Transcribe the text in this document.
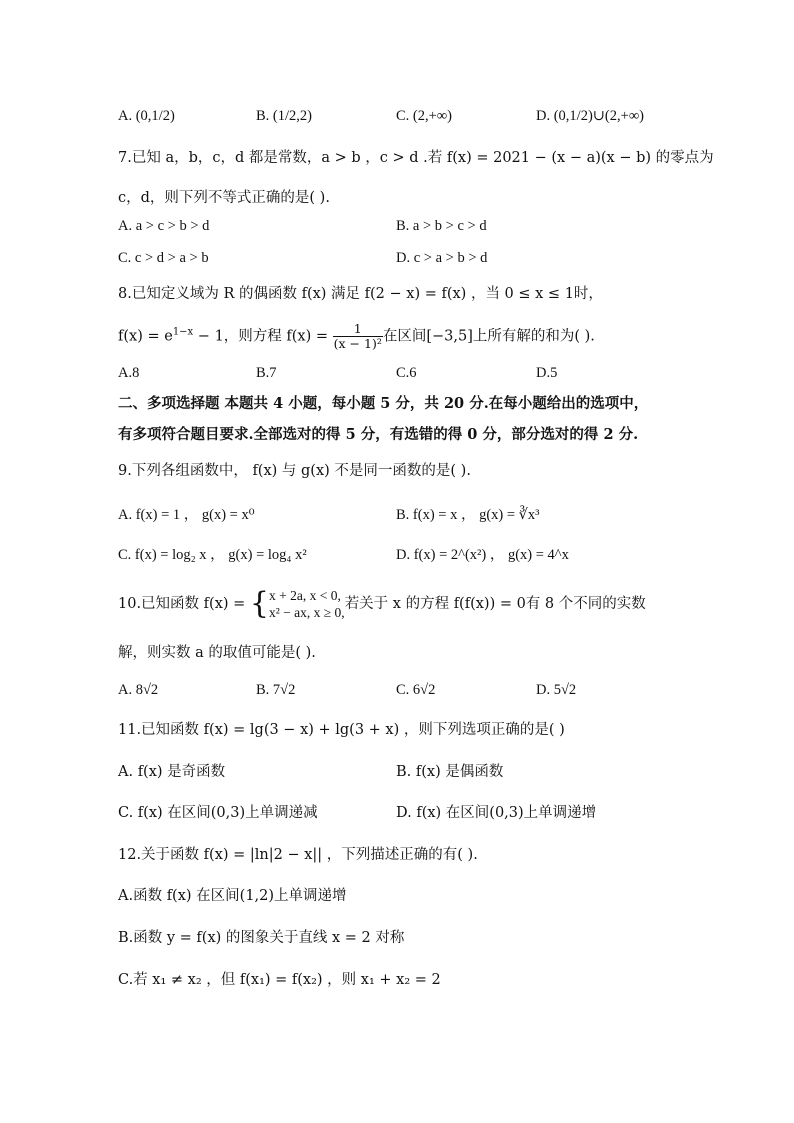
A. (0,1/2)	B. (1/2,2)	C. (2,+∞)	D. (0,1/2)∪(2,+∞)
7.已知 a，b，c，d 都是常数，a > b ，c > d .若 f(x) = 2021 − (x − a)(x − b) 的零点为
c，d，则下列不等式正确的是( ).
A. a > c > b > d	B. a > b > c > d
C. c > d > a > b	D. c > a > b > d
8.已知定义域为 R 的偶函数 f(x) 满足 f(2 − x) = f(x) ，当 0 ≤ x ≤ 1时，
$f(x) = e^{1-x} - 1$，则方程 $f(x) = \frac{1}{\text{(x − 1)²}}$ 在区间[−3,5]上所有解的和为( ).
A.8	B.7	C.6	D.5
二、多项选择题 本题共 4 小题，每小题 5 分，共 20 分.在每小题给出的选项中，
有多项符合题目要求.全部选对的得 5 分，有选错的得 0 分，部分选对的得 2 分.
9.下列各组函数中， f(x) 与 g(x) 不是同一函数的是( ).
A. f(x) = 1 ， g(x) = x⁰	B. f(x) = x ， g(x) = ∛x³
C. f(x) = log₂ x ， g(x) = log₄ x²	D. f(x) = 2^(x²) ， g(x) = 4^x
10.已知函数 f(x) = { x + 2a, x < 0,
x² − ax, x ≥ 0,
若关于 x 的方程 f(f(x)) = 0有 8 个不同的实数
解，则实数 a 的取值可能是( ).
A. 8√2	B. 7√2	C. 6√2	D. 5√2
11.已知函数 f(x) = lg(3 − x) + lg(3 + x) ，则下列选项正确的是( )
A. f(x) 是奇函数	B. f(x) 是偶函数
C. f(x) 在区间(0,3)上单调递减	D. f(x) 在区间(0,3)上单调递增
12.关于函数 f(x) = |ln|2 − x|| ，下列描述正确的有( ).
A.函数 f(x) 在区间(1,2)上单调递增
B.函数 y = f(x) 的图象关于直线 x = 2 对称
C.若 x₁ ≠ x₂ ，但 f(x₁) = f(x₂) ，则 x₁ + x₂ = 2
